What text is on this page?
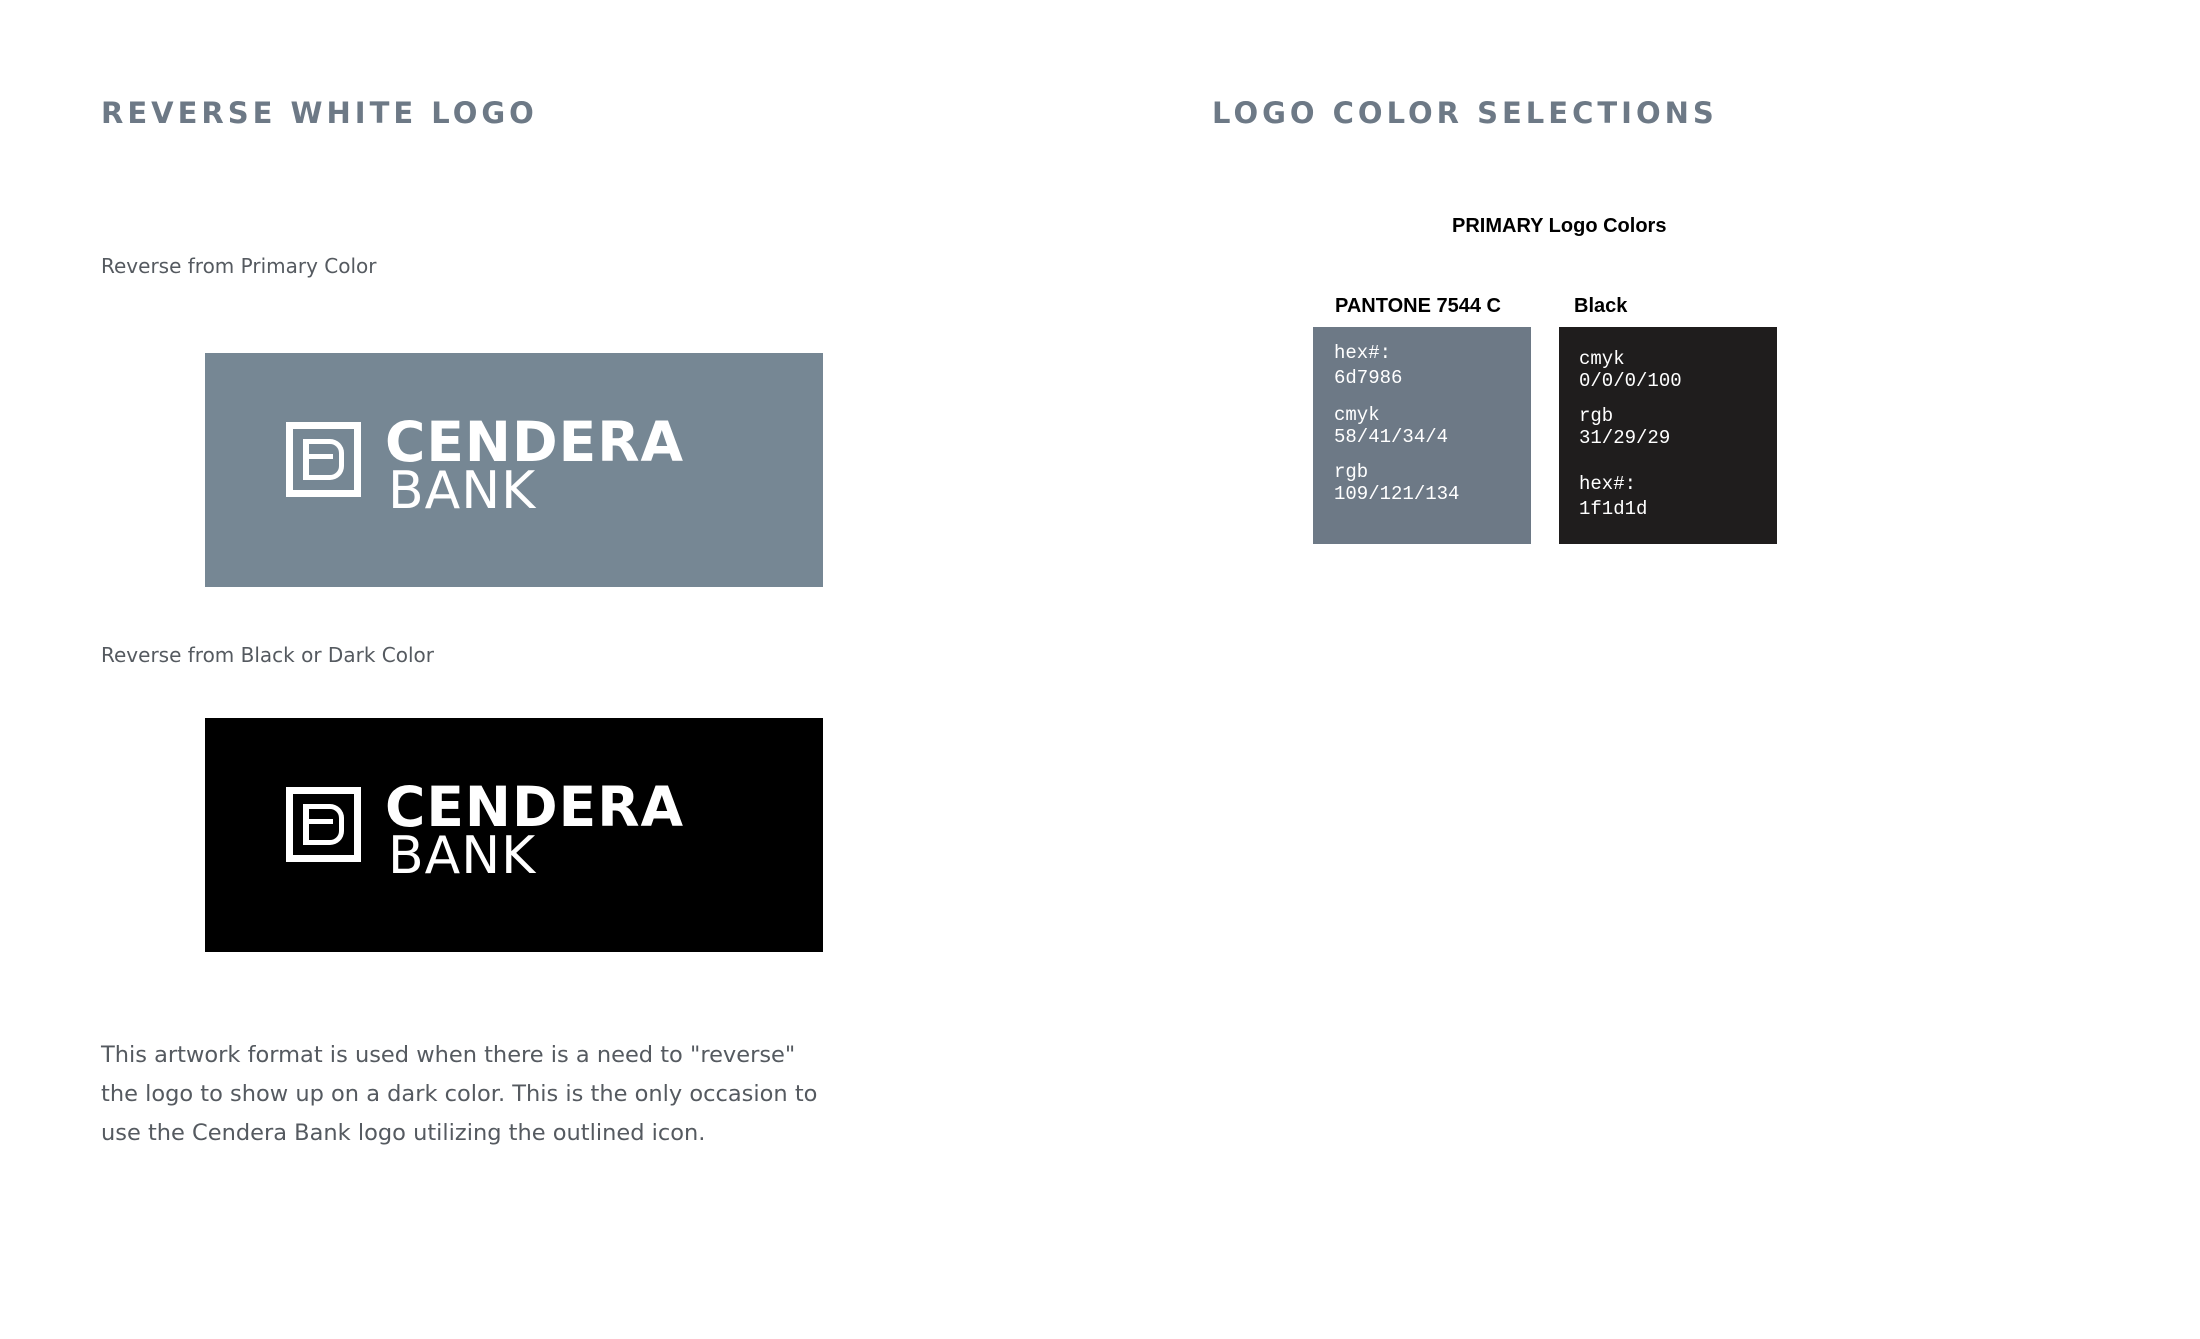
REVERSE WHITE LOGO
Reverse from Primary Color
CENDERA
BANK
Reverse from Black or Dark Color
CENDERA
BANK
This artwork format is used when there is a need to "reverse" the logo to show up on a dark color. This is the only occasion to use the Cendera Bank logo utilizing the outlined icon.
LOGO COLOR SELECTIONS
PRIMARY Logo Colors
PANTONE 7544 C	Black
hex#:
6d7986
cmyk
58/41/34/4
rgb
109/121/134
cmyk
0/0/0/100
rgb
31/29/29
hex#:
1f1d1d
